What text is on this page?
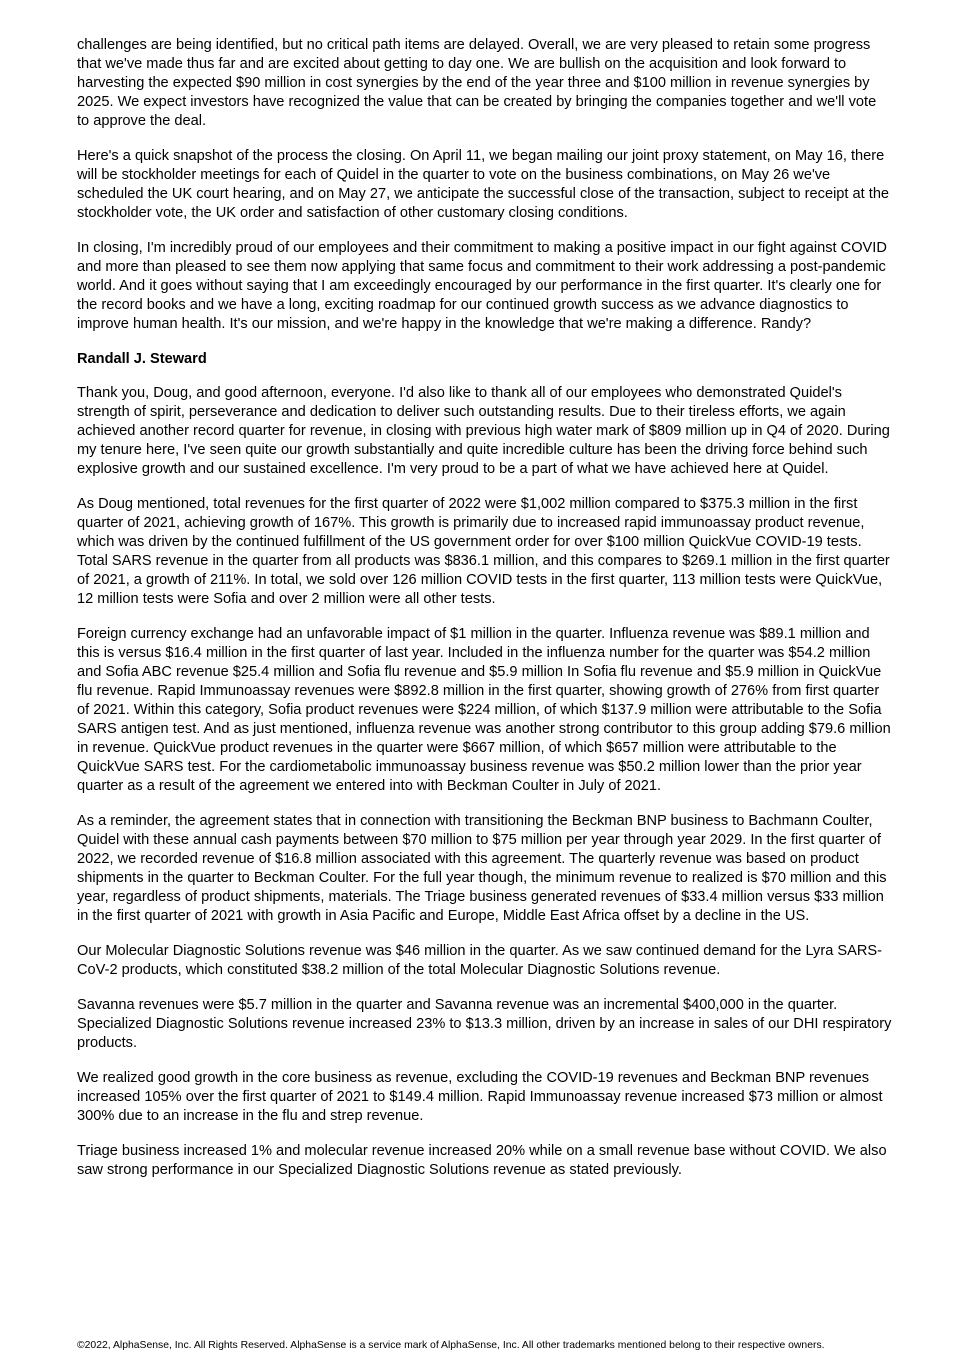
challenges are being identified, but no critical path items are delayed. Overall, we are very pleased to retain some progress that we've made thus far and are excited about getting to day one. We are bullish on the acquisition and look forward to harvesting the expected $90 million in cost synergies by the end of the year three and $100 million in revenue synergies by 2025. We expect investors have recognized the value that can be created by bringing the companies together and we'll vote to approve the deal.

Here's a quick snapshot of the process the closing. On April 11, we began mailing our joint proxy statement, on May 16, there will be stockholder meetings for each of Quidel in the quarter to vote on the business combinations, on May 26 we've scheduled the UK court hearing, and on May 27, we anticipate the successful close of the transaction, subject to receipt at the stockholder vote, the UK order and satisfaction of other customary closing conditions.

In closing, I'm incredibly proud of our employees and their commitment to making a positive impact in our fight against COVID and more than pleased to see them now applying that same focus and commitment to their work addressing a post-pandemic world. And it goes without saying that I am exceedingly encouraged by our performance in the first quarter. It's clearly one for the record books and we have a long, exciting roadmap for our continued growth success as we advance diagnostics to improve human health. It's our mission, and we're happy in the knowledge that we're making a difference. Randy?

Randall J. Steward

Thank you, Doug, and good afternoon, everyone. I'd also like to thank all of our employees who demonstrated Quidel's strength of spirit, perseverance and dedication to deliver such outstanding results. Due to their tireless efforts, we again achieved another record quarter for revenue, in closing with previous high water mark of $809 million up in Q4 of 2020. During my tenure here, I've seen quite our growth substantially and quite incredible culture has been the driving force behind such explosive growth and our sustained excellence. I'm very proud to be a part of what we have achieved here at Quidel.

As Doug mentioned, total revenues for the first quarter of 2022 were $1,002 million compared to $375.3 million in the first quarter of 2021, achieving growth of 167%. This growth is primarily due to increased rapid immunoassay product revenue, which was driven by the continued fulfillment of the US government order for over $100 million QuickVue COVID-19 tests. Total SARS revenue in the quarter from all products was $836.1 million, and this compares to $269.1 million in the first quarter of 2021, a growth of 211%. In total, we sold over 126 million COVID tests in the first quarter, 113 million tests were QuickVue, 12 million tests were Sofia and over 2 million were all other tests.

Foreign currency exchange had an unfavorable impact of $1 million in the quarter. Influenza revenue was $89.1 million and this is versus $16.4 million in the first quarter of last year. Included in the influenza number for the quarter was $54.2 million and Sofia ABC revenue $25.4 million and Sofia flu revenue and $5.9 million In Sofia flu revenue and $5.9 million in QuickVue flu revenue. Rapid Immunoassay revenues were $892.8 million in the first quarter, showing growth of 276% from first quarter of 2021. Within this category, Sofia product revenues were $224 million, of which $137.9 million were attributable to the Sofia SARS antigen test. And as just mentioned, influenza revenue was another strong contributor to this group adding $79.6 million in revenue. QuickVue product revenues in the quarter were $667 million, of which $657 million were attributable to the QuickVue SARS test. For the cardiometabolic immunoassay business revenue was $50.2 million lower than the prior year quarter as a result of the agreement we entered into with Beckman Coulter in July of 2021.

As a reminder, the agreement states that in connection with transitioning the Beckman BNP business to Bachmann Coulter, Quidel with these annual cash payments between $70 million to $75 million per year through year 2029. In the first quarter of 2022, we recorded revenue of $16.8 million associated with this agreement. The quarterly revenue was based on product shipments in the quarter to Beckman Coulter. For the full year though, the minimum revenue to realized is $70 million and this year, regardless of product shipments, materials. The Triage business generated revenues of $33.4 million versus $33 million in the first quarter of 2021 with growth in Asia Pacific and Europe, Middle East Africa offset by a decline in the US.

Our Molecular Diagnostic Solutions revenue was $46 million in the quarter. As we saw continued demand for the Lyra SARS-CoV-2 products, which constituted $38.2 million of the total Molecular Diagnostic Solutions revenue.

Savanna revenues were $5.7 million in the quarter and Savanna revenue was an incremental $400,000 in the quarter. Specialized Diagnostic Solutions revenue increased 23% to $13.3 million, driven by an increase in sales of our DHI respiratory products.

We realized good growth in the core business as revenue, excluding the COVID-19 revenues and Beckman BNP revenues increased 105% over the first quarter of 2021 to $149.4 million. Rapid Immunoassay revenue increased $73 million or almost 300% due to an increase in the flu and strep revenue.

Triage business increased 1% and molecular revenue increased 20% while on a small revenue base without COVID. We also saw strong performance in our Specialized Diagnostic Solutions revenue as stated previously.

©2022, AlphaSense, Inc. All Rights Reserved. AlphaSense is a service mark of AlphaSense, Inc. All other trademarks mentioned belong to their respective owners.
